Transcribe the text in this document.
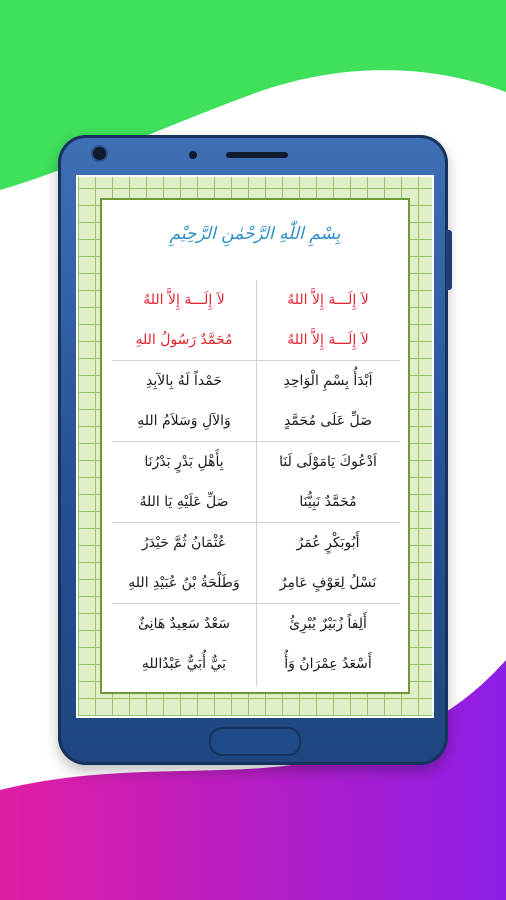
بِسْمِ اللّٰهِ الرَّحْمٰنِ الرَّحِيْمِ
لاَ إِلَـــهَ إِلاَّ اللهُ
لاَ إِلَـــهَ إِلاَّ اللهُ
لاَ إِلَـــهَ إِلاَّ اللهُ
مُحَمَّدٌ رَسُولُ اللهِ
اَبْدَأُ بِسْمِ الْوَاحِدِ
صَلِّ عَلَى مُحَمَّدٍ
حَمْداً لَهُ بِالآبِدِ
وَالآلِ وَسَلاَمُ اللهِ
اَدْعُوكَ يَامَوْلَى لَنَا
مُحَمَّدٌ نَبِيُّنَا
بِأَهْلِ بَدْرٍ بَدْرُنَا
صَلِّ عَلَيْهِ يَا اللهُ
أَبُوبَكْرٍ عُمَرُ
نَسْلُ لِعَوْفٍ عَامِرٌ
عُثْمَانُ ثُمَّ حَيْدَرُ
وَطَلْحَةُ بْنُ عُبَيْدِ اللهِ
أَلِفاً زُبَيْرٌ يُبْرِئُ
أَسْعَدُ عِمْرَانُ وَأُ
سَعْدٌ سَعِيدٌ هَانِئٌ
بَيٌّ أُبَيٌّ عَبْدُاللهِ
